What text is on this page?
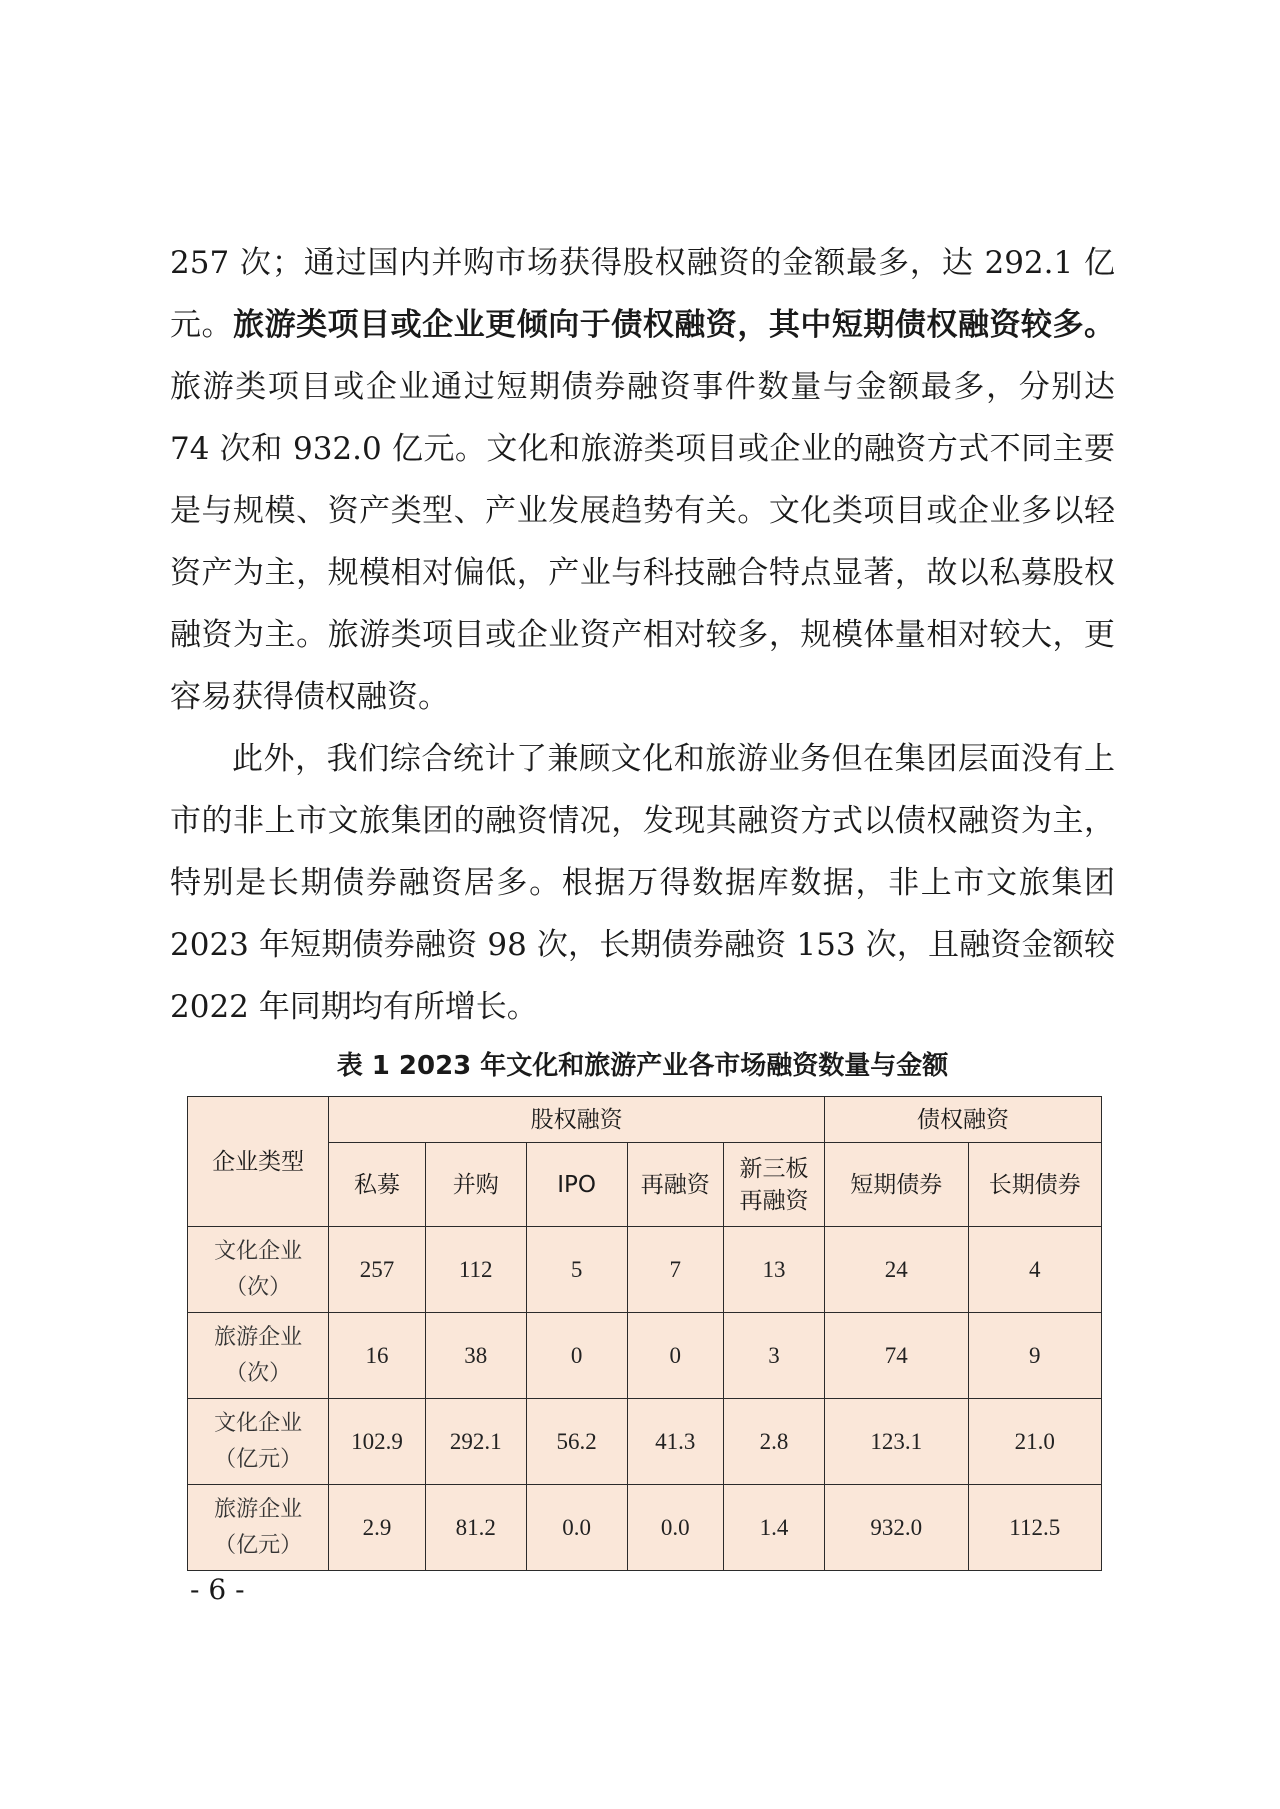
257 次；通过国内并购市场获得股权融资的金额最多，达 292.1 亿元。旅游类项目或企业更倾向于债权融资，其中短期债权融资较多。旅游类项目或企业通过短期债券融资事件数量与金额最多，分别达 74 次和 932.0 亿元。文化和旅游类项目或企业的融资方式不同主要是与规模、资产类型、产业发展趋势有关。文化类项目或企业多以轻资产为主，规模相对偏低，产业与科技融合特点显著，故以私募股权融资为主。旅游类项目或企业资产相对较多，规模体量相对较大，更容易获得债权融资。

此外，我们综合统计了兼顾文化和旅游业务但在集团层面没有上市的非上市文旅集团的融资情况，发现其融资方式以债权融资为主，特别是长期债券融资居多。根据万得数据库数据，非上市文旅集团 2023 年短期债券融资 98 次，长期债券融资 153 次，且融资金额较 2022 年同期均有所增长。

表 1 2023 年文化和旅游产业各市场融资数量与金额
企业类型	股权融资					债权融资	
	私募	并购	IPO	再融资	新三板再融资	短期债券	长期债券
文化企业（次）	257	112	5	7	13	24	4
旅游企业（次）	16	38	0	0	3	74	9
文化企业（亿元）	102.9	292.1	56.2	41.3	2.8	123.1	21.0
旅游企业（亿元）	2.9	81.2	0.0	0.0	1.4	932.0	112.5
- 6 -
